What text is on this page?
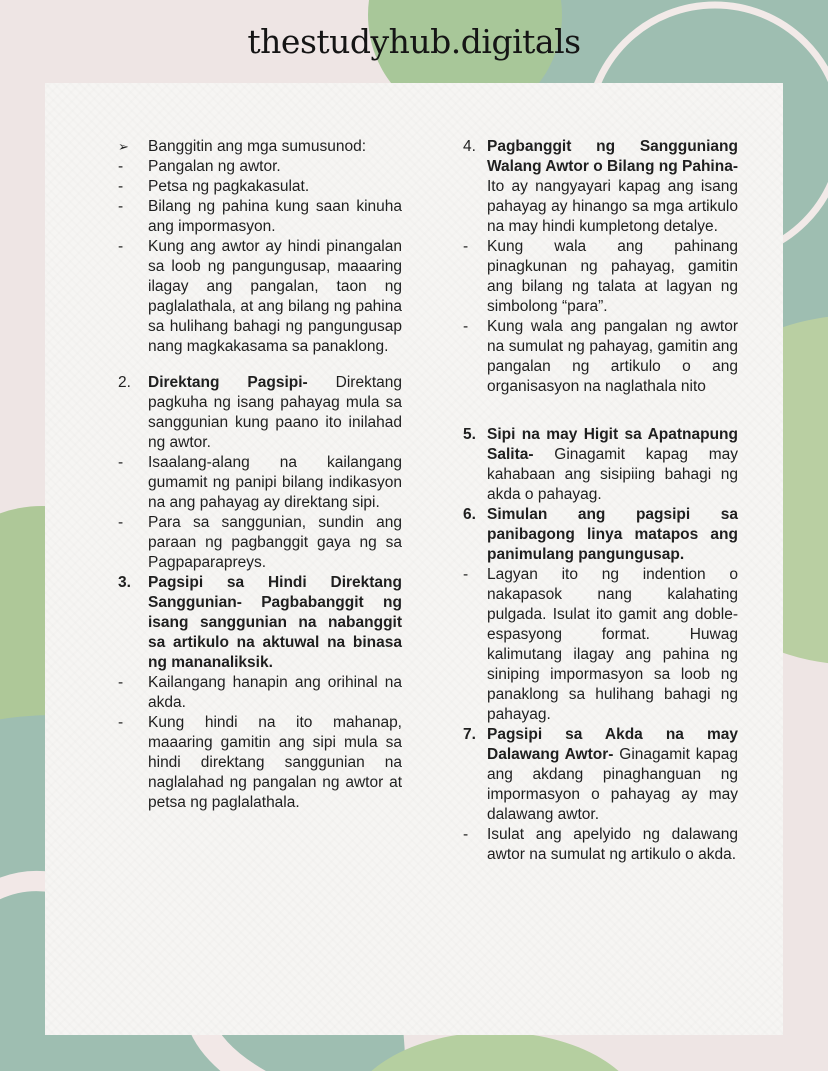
thestudyhub.digitals
➢	Banggitin ang mga sumusunod:
-	Pangalan ng awtor.
-	Petsa ng pagkakasulat.
-	Bilang ng pahina kung saan kinuha ang impormasyon.
-	Kung ang awtor ay hindi pinangalan sa loob ng pangungusap, maaaring ilagay ang pangalan, taon ng paglalathala, at ang bilang ng pahina sa hulihang bahagi ng pangungusap nang magkakasama sa panaklong.
2.	Direktang Pagsipi- Direktang pagkuha ng isang pahayag mula sa sanggunian kung paano ito inilahad ng awtor.
-	Isaalang-alang na kailangang gumamit ng panipi bilang indikasyon na ang pahayag ay direktang sipi.
-	Para sa sanggunian, sundin ang paraan ng pagbanggit gaya ng sa Pagpaparapreys.
3.	Pagsipi sa Hindi Direktang Sanggunian- Pagbabanggit ng isang sanggunian na nabanggit sa artikulo na aktuwal na binasa ng mananaliksik.
-	Kailangang hanapin ang orihinal na akda.
-	Kung hindi na ito mahanap, maaaring gamitin ang sipi mula sa hindi direktang sanggunian na naglalahad ng pangalan ng awtor at petsa ng paglalathala.
4. Pagbanggit ng Sangguniang Walang Awtor o Bilang ng Pahina- Ito ay nangyayari kapag ang isang pahayag ay hinango sa mga artikulo na may hindi kumpletong detalye.
-	Kung wala ang pahinang pinagkunan ng pahayag, gamitin ang bilang ng talata at lagyan ng simbolong “para”.
-	Kung wala ang pangalan ng awtor na sumulat ng pahayag, gamitin ang pangalan ng artikulo o ang organisasyon na naglathala nito
5. Sipi na may Higit sa Apatnapung Salita- Ginagamit kapag may kahabaan ang sisipiing bahagi ng akda o pahayag.
6. Simulan ang pagsipi sa panibagong linya matapos ang panimulang pangungusap.
-	Lagyan ito ng indention o nakapasok nang kalahating pulgada. Isulat ito gamit ang doble-espasyong format. Huwag kalimutang ilagay ang pahina ng siniping impormasyon sa loob ng panaklong sa hulihang bahagi ng pahayag.
7. Pagsipi sa Akda na may Dalawang Awtor- Ginagamit kapag ang akdang pinaghanguan ng impormasyon o pahayag ay may dalawang awtor.
-	Isulat ang apelyido ng dalawang awtor na sumulat ng artikulo o akda.
